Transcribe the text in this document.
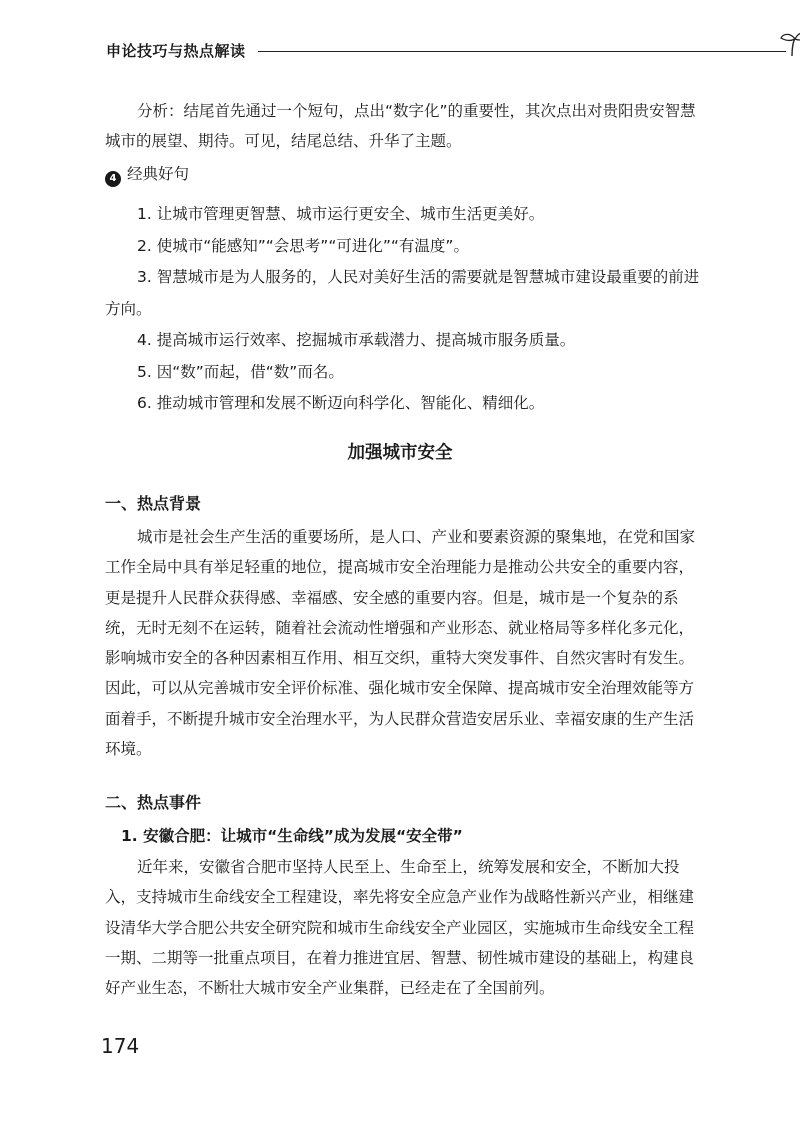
申论技巧与热点解读

分析：结尾首先通过一个短句，点出“数字化”的重要性，其次点出对贵阳贵安智慧城市的展望、期待。可见，结尾总结、升华了主题。

4 经典好句

1. 让城市管理更智慧、城市运行更安全、城市生活更美好。

2. 使城市“能感知”“会思考”“可进化”“有温度”。

3. 智慧城市是为人服务的，人民对美好生活的需要就是智慧城市建设最重要的前进方向。

4. 提高城市运行效率、挖掘城市承载潜力、提高城市服务质量。

5. 因“数”而起，借“数”而名。

6. 推动城市管理和发展不断迈向科学化、智能化、精细化。

加强城市安全
一、热点背景

城市是社会生产生活的重要场所，是人口、产业和要素资源的聚集地，在党和国家工作全局中具有举足轻重的地位，提高城市安全治理能力是推动公共安全的重要内容，更是提升人民群众获得感、幸福感、安全感的重要内容。但是，城市是一个复杂的系统，无时无刻不在运转，随着社会流动性增强和产业形态、就业格局等多样化多元化，影响城市安全的各种因素相互作用、相互交织，重特大突发事件、自然灾害时有发生。因此，可以从完善城市安全评价标准、强化城市安全保障、提高城市安全治理效能等方面着手，不断提升城市安全治理水平，为人民群众营造安居乐业、幸福安康的生产生活环境。

二、热点事件
1. 安徽合肥：让城市“生命线”成为发展“安全带”

近年来，安徽省合肥市坚持人民至上、生命至上，统筹发展和安全，不断加大投入，支持城市生命线安全工程建设，率先将安全应急产业作为战略性新兴产业，相继建设清华大学合肥公共安全研究院和城市生命线安全产业园区，实施城市生命线安全工程一期、二期等一批重点项目，在着力推进宜居、智慧、韧性城市建设的基础上，构建良好产业生态，不断壮大城市安全产业集群，已经走在了全国前列。

174
